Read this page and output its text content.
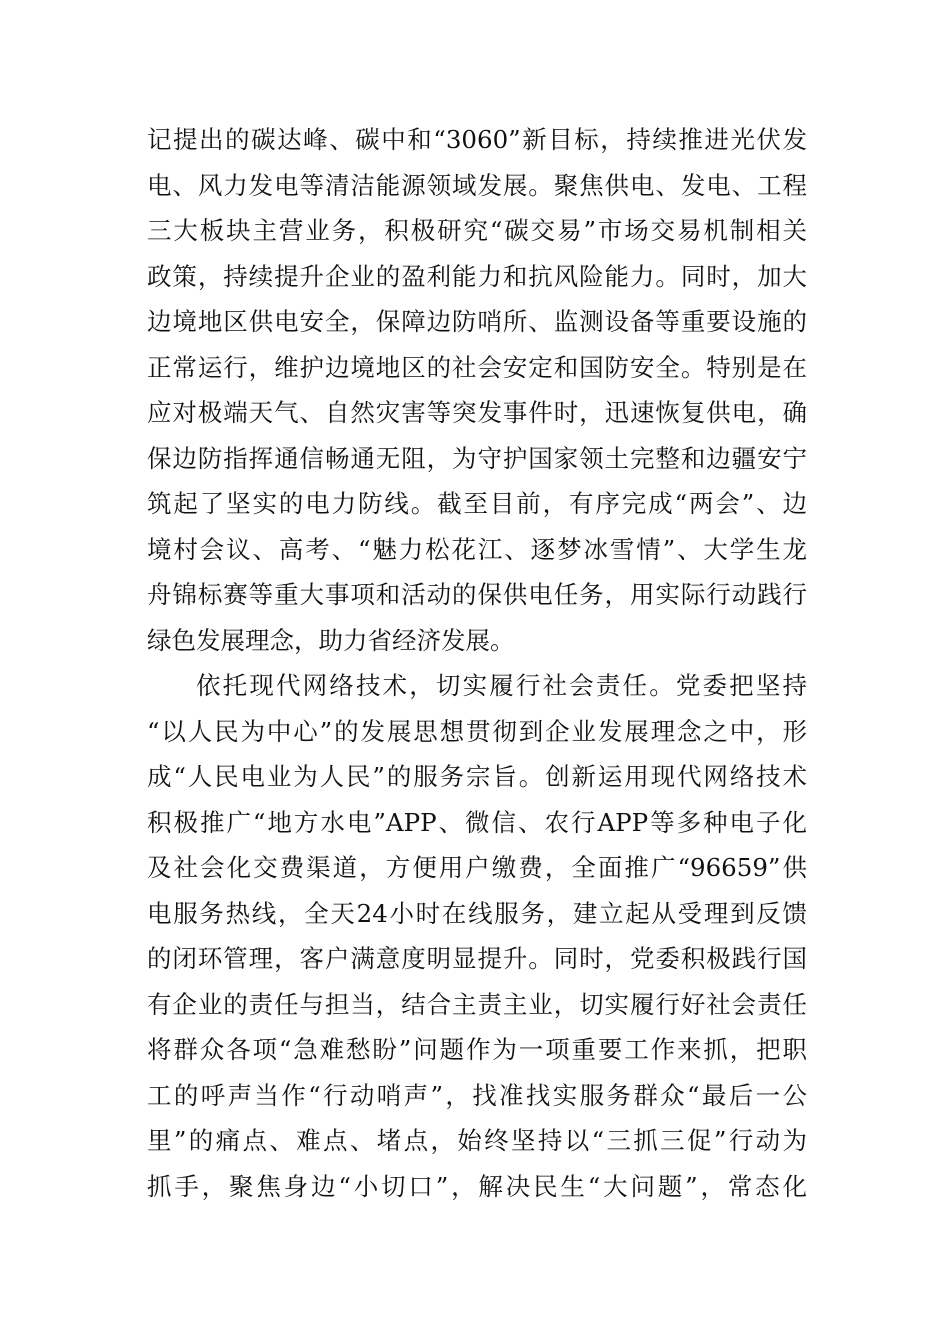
记提出的碳达峰、碳中和“3060”新目标，持续推进光伏发
电、风力发电等清洁能源领域发展。聚焦供电、发电、工程
三大板块主营业务，积极研究“碳交易”市场交易机制相关
政策，持续提升企业的盈利能力和抗风险能力。同时，加大
边境地区供电安全，保障边防哨所、监测设备等重要设施的
正常运行，维护边境地区的社会安定和国防安全。特别是在
应对极端天气、自然灾害等突发事件时，迅速恢复供电，确
保边防指挥通信畅通无阻，为守护国家领土完整和边疆安宁
筑起了坚实的电力防线。截至目前，有序完成“两会”、边
境村会议、高考、“魅力松花江、逐梦冰雪情”、大学生龙
舟锦标赛等重大事项和活动的保供电任务，用实际行动践行
绿色发展理念，助力省经济发展。
依托现代网络技术，切实履行社会责任。党委把坚持
“以人民为中心”的发展思想贯彻到企业发展理念之中，形
成“人民电业为人民”的服务宗旨。创新运用现代网络技术
积极推广“地方水电”APP、微信、农行APP等多种电子化
及社会化交费渠道，方便用户缴费，全面推广“96659”供
电服务热线，全天24小时在线服务，建立起从受理到反馈
的闭环管理，客户满意度明显提升。同时，党委积极践行国
有企业的责任与担当，结合主责主业，切实履行好社会责任
将群众各项“急难愁盼”问题作为一项重要工作来抓，把职
工的呼声当作“行动哨声”，找准找实服务群众“最后一公
里”的痛点、难点、堵点，始终坚持以“三抓三促”行动为
抓手，聚焦身边“小切口”，解决民生“大问题”，常态化
